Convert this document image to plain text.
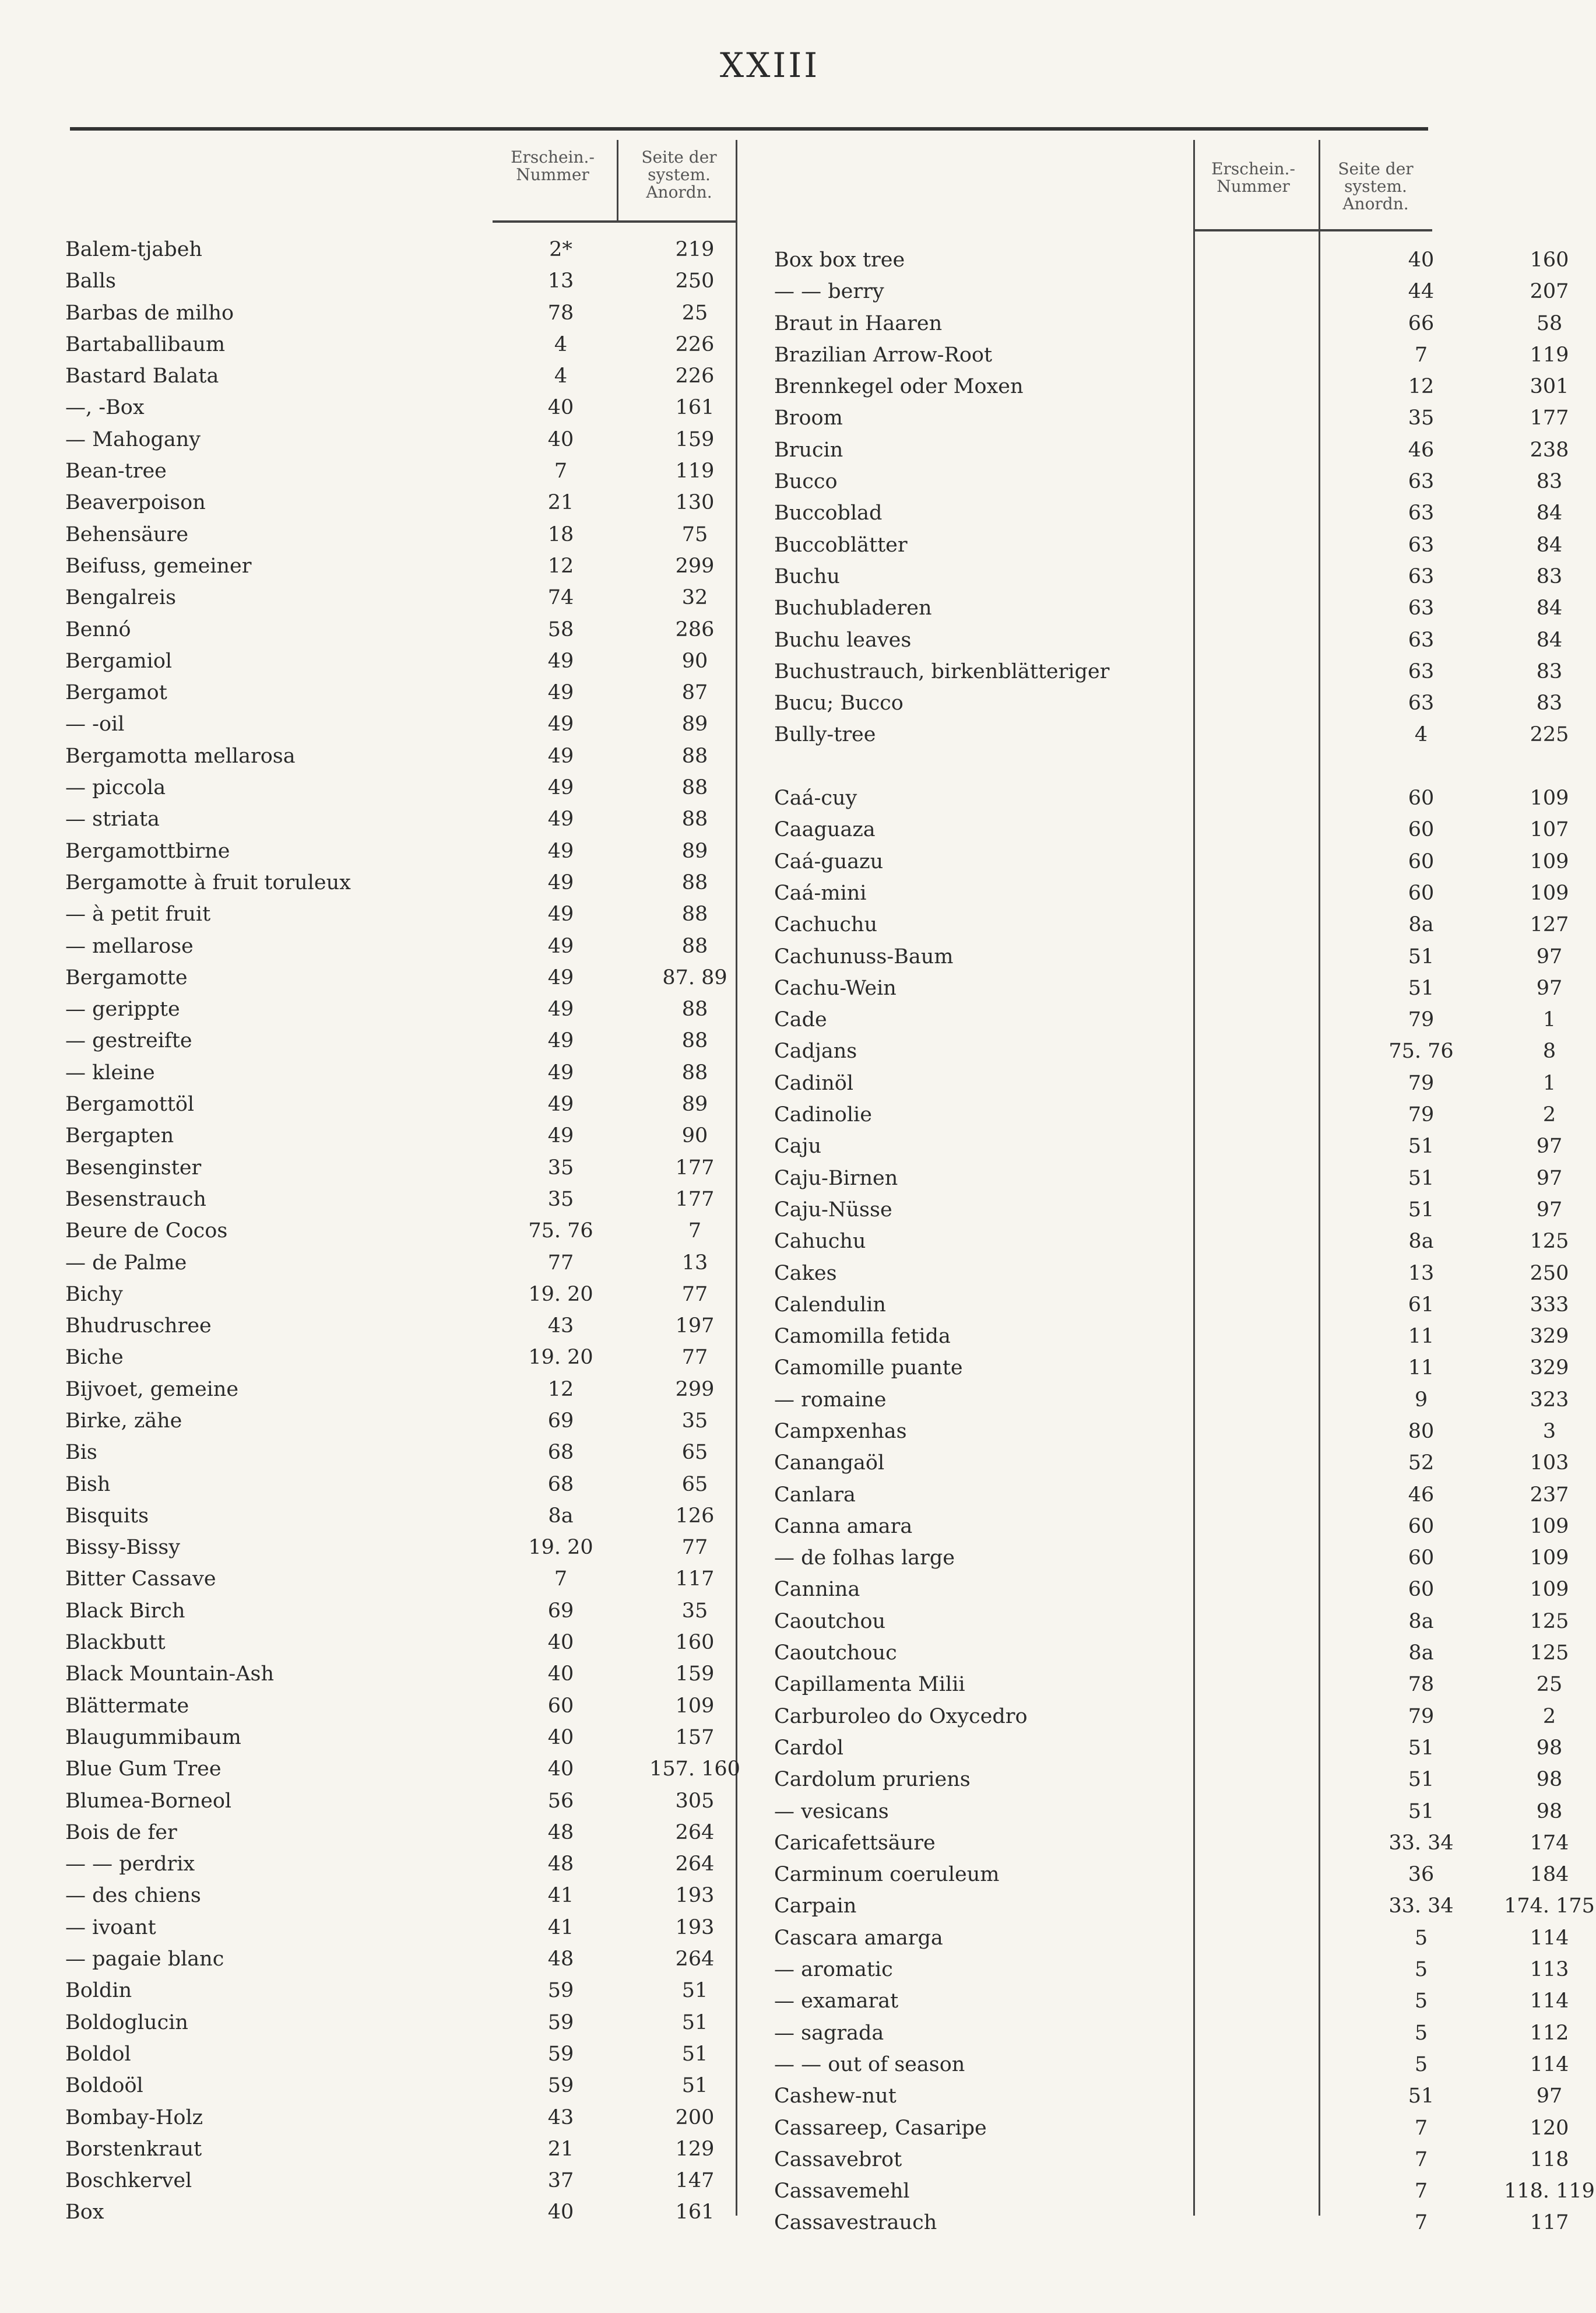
XXIII
Erschein.-Nummer
Seite der system. Anordn.
Erschein.-Nummer
Seite der system. Anordn.
Balem-tjabeh	2*	219
Balls	13	250
Barbas de milho	78	25
Bartaballibaum	4	226
Bastard Balata	4	226
—, -Box	40	161
— Mahogany	40	159
Bean-tree	7	119
Beaverpoison	21	130
Behensäure	18	75
Beifuss, gemeiner	12	299
Bengalreis	74	32
Bennó	58	286
Bergamiol	49	90
Bergamot	49	87
— -oil	49	89
Bergamotta mellarosa	49	88
— piccola	49	88
— striata	49	88
Bergamottbirne	49	89
Bergamotte à fruit toruleux	49	88
— à petit fruit	49	88
— mellarose	49	88
Bergamotte	49	87. 89
— gerippte	49	88
— gestreifte	49	88
— kleine	49	88
Bergamottöl	49	89
Bergapten	49	90
Besenginster	35	177
Besenstrauch	35	177
Beure de Cocos	75. 76	7
— de Palme	77	13
Bichy	19. 20	77
Bhudruschree	43	197
Biche	19. 20	77
Bijvoet, gemeine	12	299
Birke, zähe	69	35
Bis	68	65
Bish	68	65
Bisquits	8a	126
Bissy-Bissy	19. 20	77
Bitter Cassave	7	117
Black Birch	69	35
Blackbutt	40	160
Black Mountain-Ash	40	159
Blättermate	60	109
Blaugummibaum	40	157
Blue Gum Tree	40	157. 160
Blumea-Borneol	56	305
Bois de fer	48	264
— — perdrix	48	264
— des chiens	41	193
— ivoant	41	193
— pagaie blanc	48	264
Boldin	59	51
Boldoglucin	59	51
Boldol	59	51
Boldoöl	59	51
Bombay-Holz	43	200
Borstenkraut	21	129
Boschkervel	37	147
Box	40	161
Box box tree	40	160
— — berry	44	207
Braut in Haaren	66	58
Brazilian Arrow-Root	7	119
Brennkegel oder Moxen	12	301
Broom	35	177
Brucin	46	238
Bucco	63	83
Buccoblad	63	84
Buccoblätter	63	84
Buchu	63	83
Buchubladeren	63	84
Buchu leaves	63	84
Buchustrauch, birkenblätteriger	63	83
Bucu; Bucco	63	83
Bully-tree	4	225
Caá-cuy	60	109
Caaguaza	60	107
Caá-guazu	60	109
Caá-mini	60	109
Cachuchu	8a	127
Cachunuss-Baum	51	97
Cachu-Wein	51	97
Cade	79	1
Cadjans	75. 76	8
Cadinöl	79	1
Cadinolie	79	2
Caju	51	97
Caju-Birnen	51	97
Caju-Nüsse	51	97
Cahuchu	8a	125
Cakes	13	250
Calendulin	61	333
Camomilla fetida	11	329
Camomille puante	11	329
— romaine	9	323
Campxenhas	80	3
Canangaöl	52	103
Canlara	46	237
Canna amara	60	109
— de folhas large	60	109
Cannina	60	109
Caoutchou	8a	125
Caoutchouc	8a	125
Capillamenta Milii	78	25
Carburoleo do Oxycedro	79	2
Cardol	51	98
Cardolum pruriens	51	98
— vesicans	51	98
Caricafettsäure	33. 34	174
Carminum coeruleum	36	184
Carpain	33. 34	174. 175
Cascara amarga	5	114
— aromatic	5	113
— examarat	5	114
— sagrada	5	112
— — out of season	5	114
Cashew-nut	51	97
Cassareep, Casaripe	7	120
Cassavebrot	7	118
Cassavemehl	7	118. 119
Cassavestrauch	7	117
